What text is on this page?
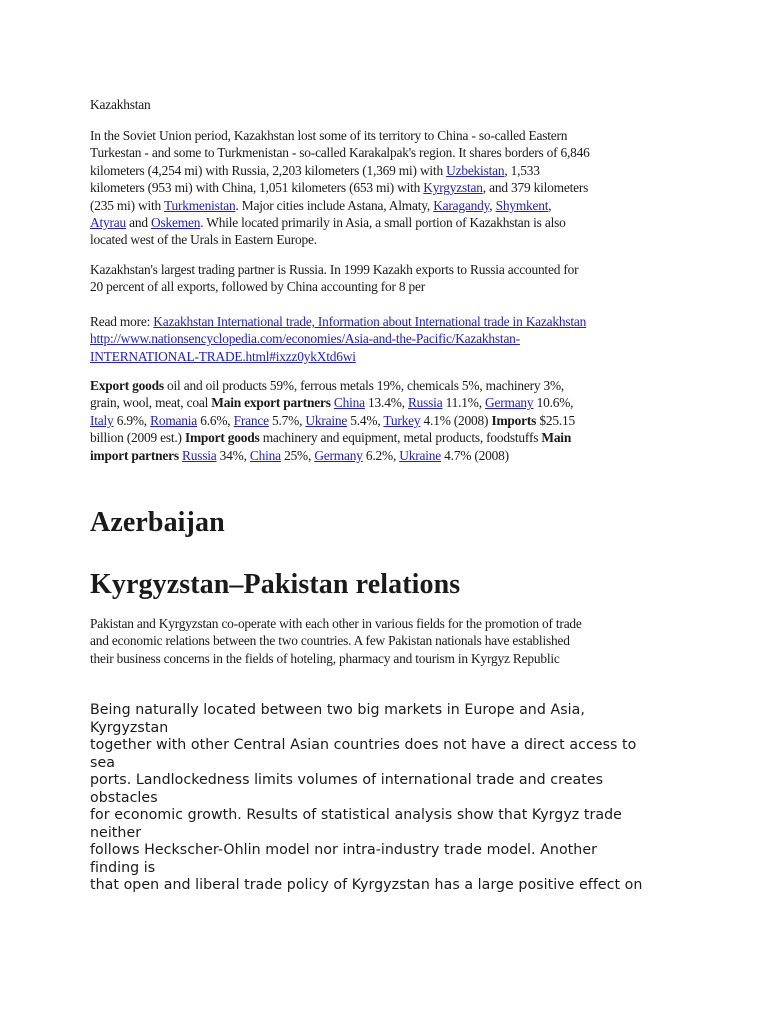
Kazakhstan

In the Soviet Union period, Kazakhstan lost some of its territory to China - so-called Eastern
Turkestan - and some to Turkmenistan - so-called Karakalpak's region. It shares borders of 6,846
kilometers (4,254 mi) with Russia, 2,203 kilometers (1,369 mi) with Uzbekistan, 1,533
kilometers (953 mi) with China, 1,051 kilometers (653 mi) with Kyrgyzstan, and 379 kilometers
(235 mi) with Turkmenistan. Major cities include Astana, Almaty, Karagandy, Shymkent,
Atyrau and Oskemen. While located primarily in Asia, a small portion of Kazakhstan is also
located west of the Urals in Eastern Europe.

Kazakhstan's largest trading partner is Russia. In 1999 Kazakh exports to Russia accounted for
20 percent of all exports, followed by China accounting for 8 per

Read more: Kazakhstan International trade, Information about International trade in Kazakhstan
http://www.nationsencyclopedia.com/economies/Asia-and-the-Pacific/Kazakhstan-
INTERNATIONAL-TRADE.html#ixzz0ykXtd6wi

Export goods oil and oil products 59%, ferrous metals 19%, chemicals 5%, machinery 3%,
grain, wool, meat, coal Main export partners China 13.4%, Russia 11.1%, Germany 10.6%,
Italy 6.9%, Romania 6.6%, France 5.7%, Ukraine 5.4%, Turkey 4.1% (2008) Imports $25.15
billion (2009 est.) Import goods machinery and equipment, metal products, foodstuffs Main
import partners Russia 34%, China 25%, Germany 6.2%, Ukraine 4.7% (2008)

Azerbaijan
Kyrgyzstan–Pakistan relations

Pakistan and Kyrgyzstan co-operate with each other in various fields for the promotion of trade
and economic relations between the two countries. A few Pakistan nationals have established
their business concerns in the fields of hoteling, pharmacy and tourism in Kyrgyz Republic

Being naturally located between two big markets in Europe and Asia,
Kyrgyzstan
together with other Central Asian countries does not have a direct access to
sea
ports. Landlockedness limits volumes of international trade and creates
obstacles
for economic growth. Results of statistical analysis show that Kyrgyz trade
neither
follows Heckscher-Ohlin model nor intra-industry trade model. Another
finding is
that open and liberal trade policy of Kyrgyzstan has a large positive effect on
